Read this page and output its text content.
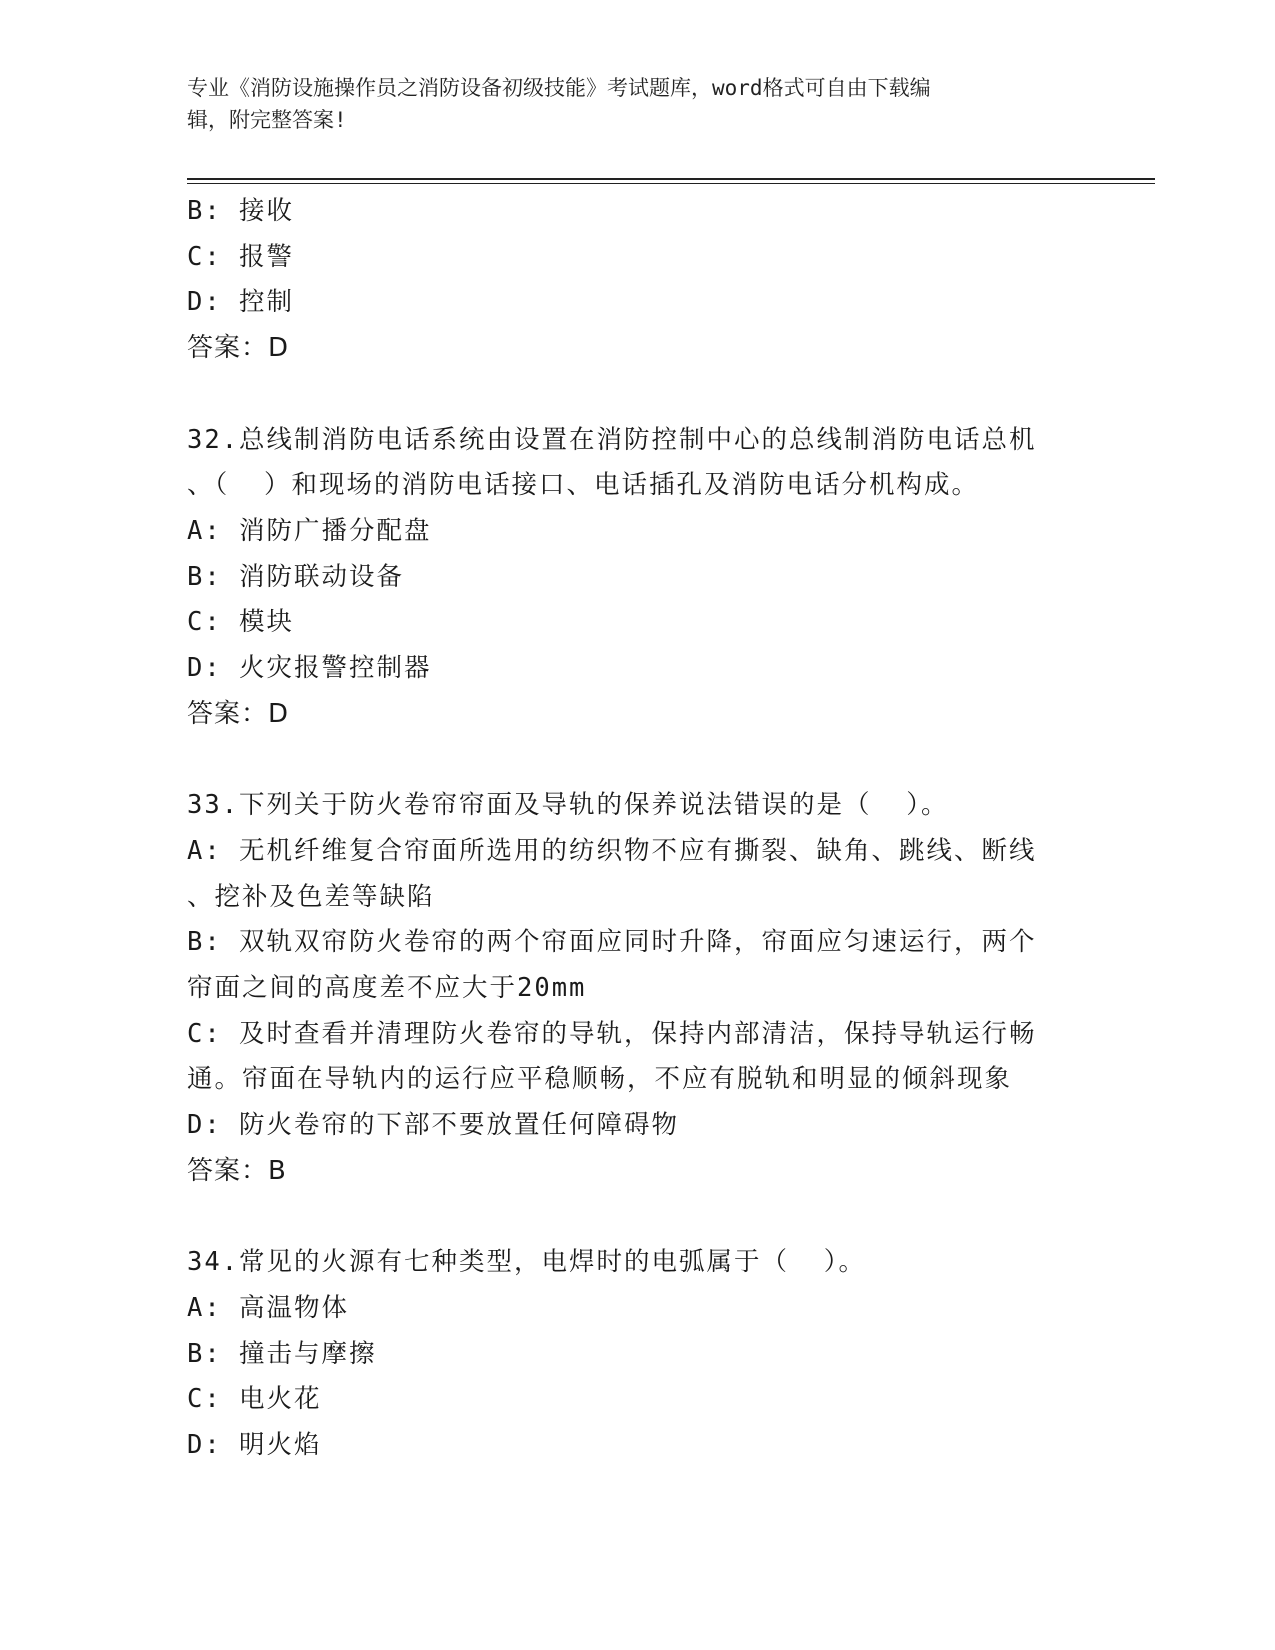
专业《消防设施操作员之消防设备初级技能》考试题库，word格式可自由下载编
辑，附完整答案!
B: 接收
C: 报警
D: 控制
答案：D
32.总线制消防电话系统由设置在消防控制中心的总线制消防电话总机
、（  ）和现场的消防电话接口、电话插孔及消防电话分机构成。
A: 消防广播分配盘
B: 消防联动设备
C: 模块
D: 火灾报警控制器
答案：D
33.下列关于防火卷帘帘面及导轨的保养说法错误的是（  ）。
A: 无机纤维复合帘面所选用的纺织物不应有撕裂、缺角、跳线、断线
、挖补及色差等缺陷
B: 双轨双帘防火卷帘的两个帘面应同时升降，帘面应匀速运行，两个
帘面之间的高度差不应大于20mm
C: 及时查看并清理防火卷帘的导轨，保持内部清洁，保持导轨运行畅
通。帘面在导轨内的运行应平稳顺畅，不应有脱轨和明显的倾斜现象
D: 防火卷帘的下部不要放置任何障碍物
答案：B
34.常见的火源有七种类型，电焊时的电弧属于（  ）。
A: 高温物体
B: 撞击与摩擦
C: 电火花
D: 明火焰
